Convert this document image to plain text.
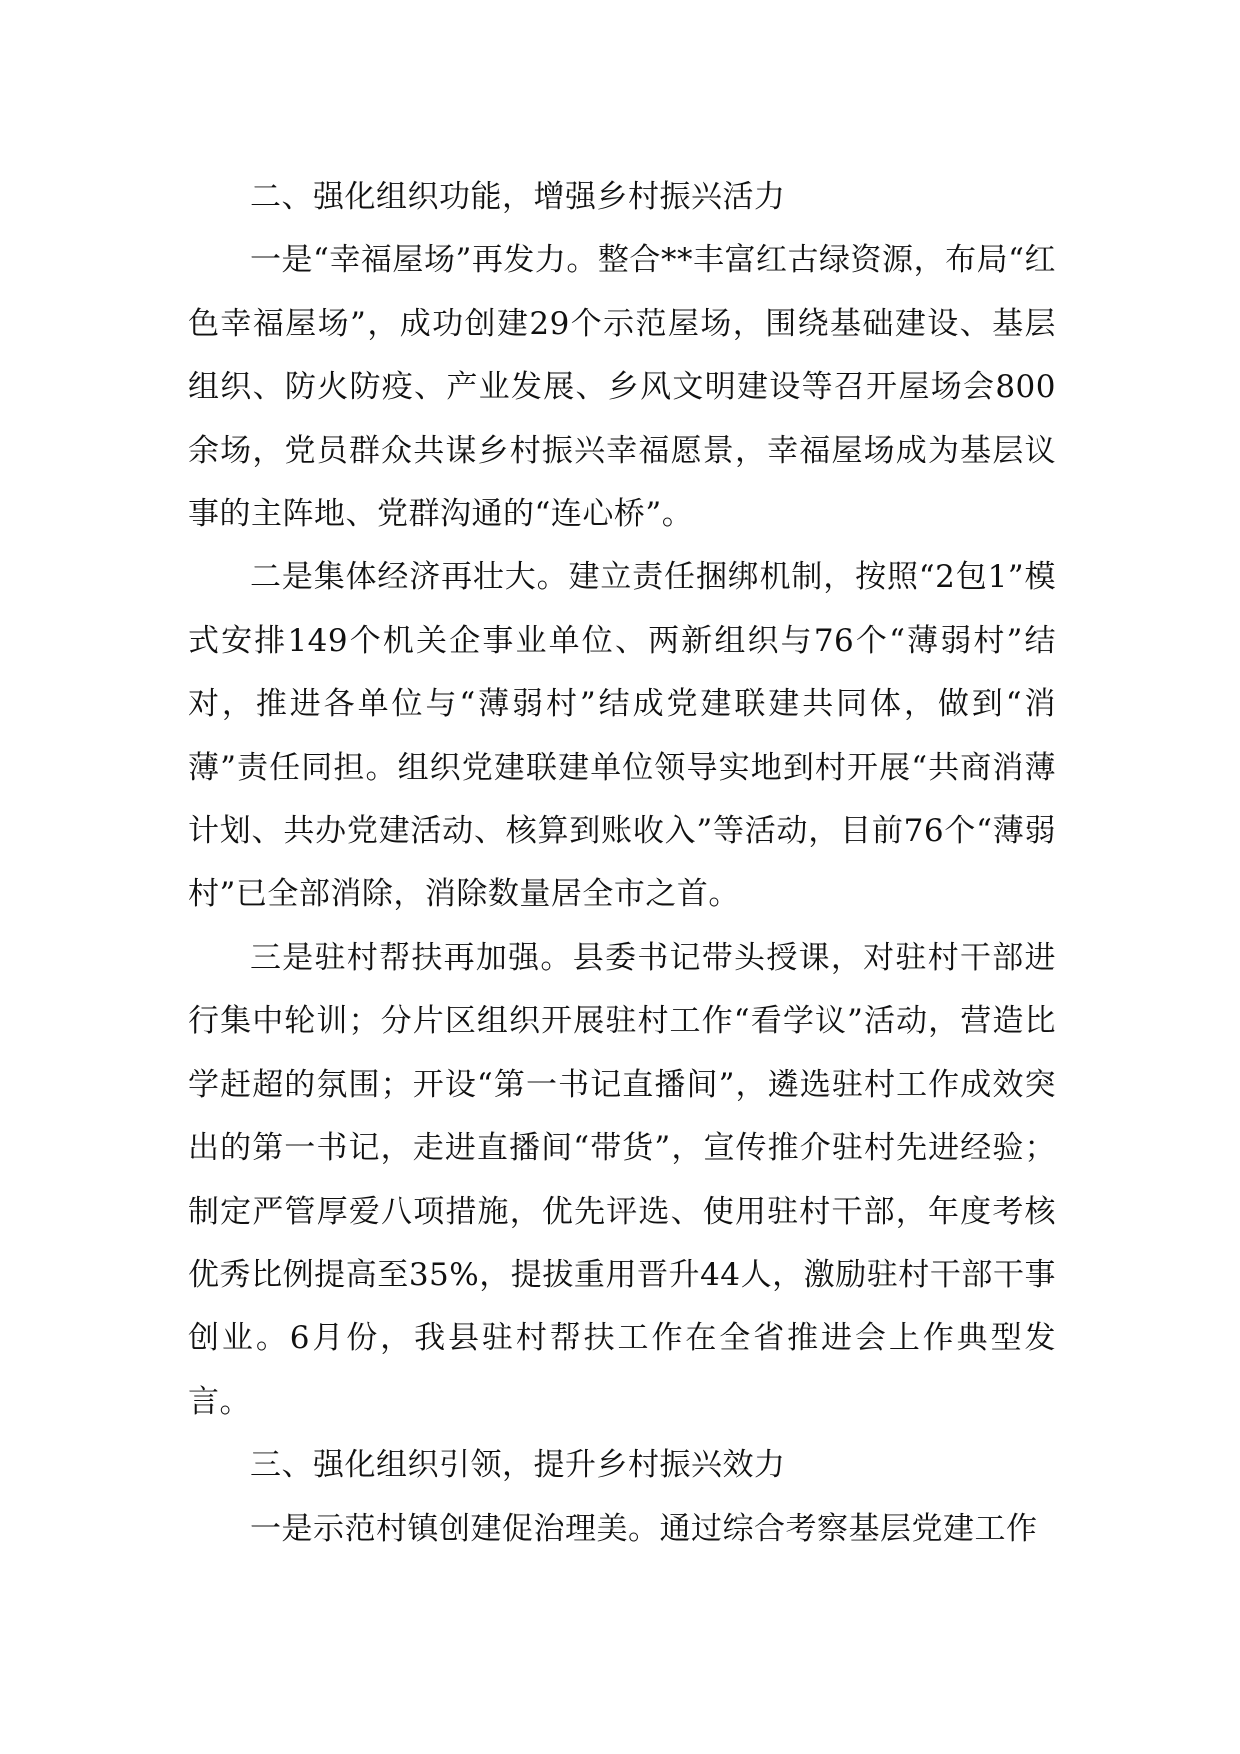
二、强化组织功能，增强乡村振兴活力

一是“幸福屋场”再发力。整合**丰富红古绿资源，布局“红色幸福屋场”，成功创建29个示范屋场，围绕基础建设、基层组织、防火防疫、产业发展、乡风文明建设等召开屋场会800余场，党员群众共谋乡村振兴幸福愿景，幸福屋场成为基层议事的主阵地、党群沟通的“连心桥”。

二是集体经济再壮大。建立责任捆绑机制，按照“2包1”模式安排149个机关企事业单位、两新组织与76个“薄弱村”结对，推进各单位与“薄弱村”结成党建联建共同体，做到“消薄”责任同担。组织党建联建单位领导实地到村开展“共商消薄计划、共办党建活动、核算到账收入”等活动，目前76个“薄弱村”已全部消除，消除数量居全市之首。

三是驻村帮扶再加强。县委书记带头授课，对驻村干部进行集中轮训；分片区组织开展驻村工作“看学议”活动，营造比学赶超的氛围；开设“第一书记直播间”，遴选驻村工作成效突出的第一书记，走进直播间“带货”，宣传推介驻村先进经验；制定严管厚爱八项措施，优先评选、使用驻村干部，年度考核优秀比例提高至35%，提拔重用晋升44人，激励驻村干部干事创业。6月份，我县驻村帮扶工作在全省推进会上作典型发言。

三、强化组织引领，提升乡村振兴效力

一是示范村镇创建促治理美。通过综合考察基层党建工作
